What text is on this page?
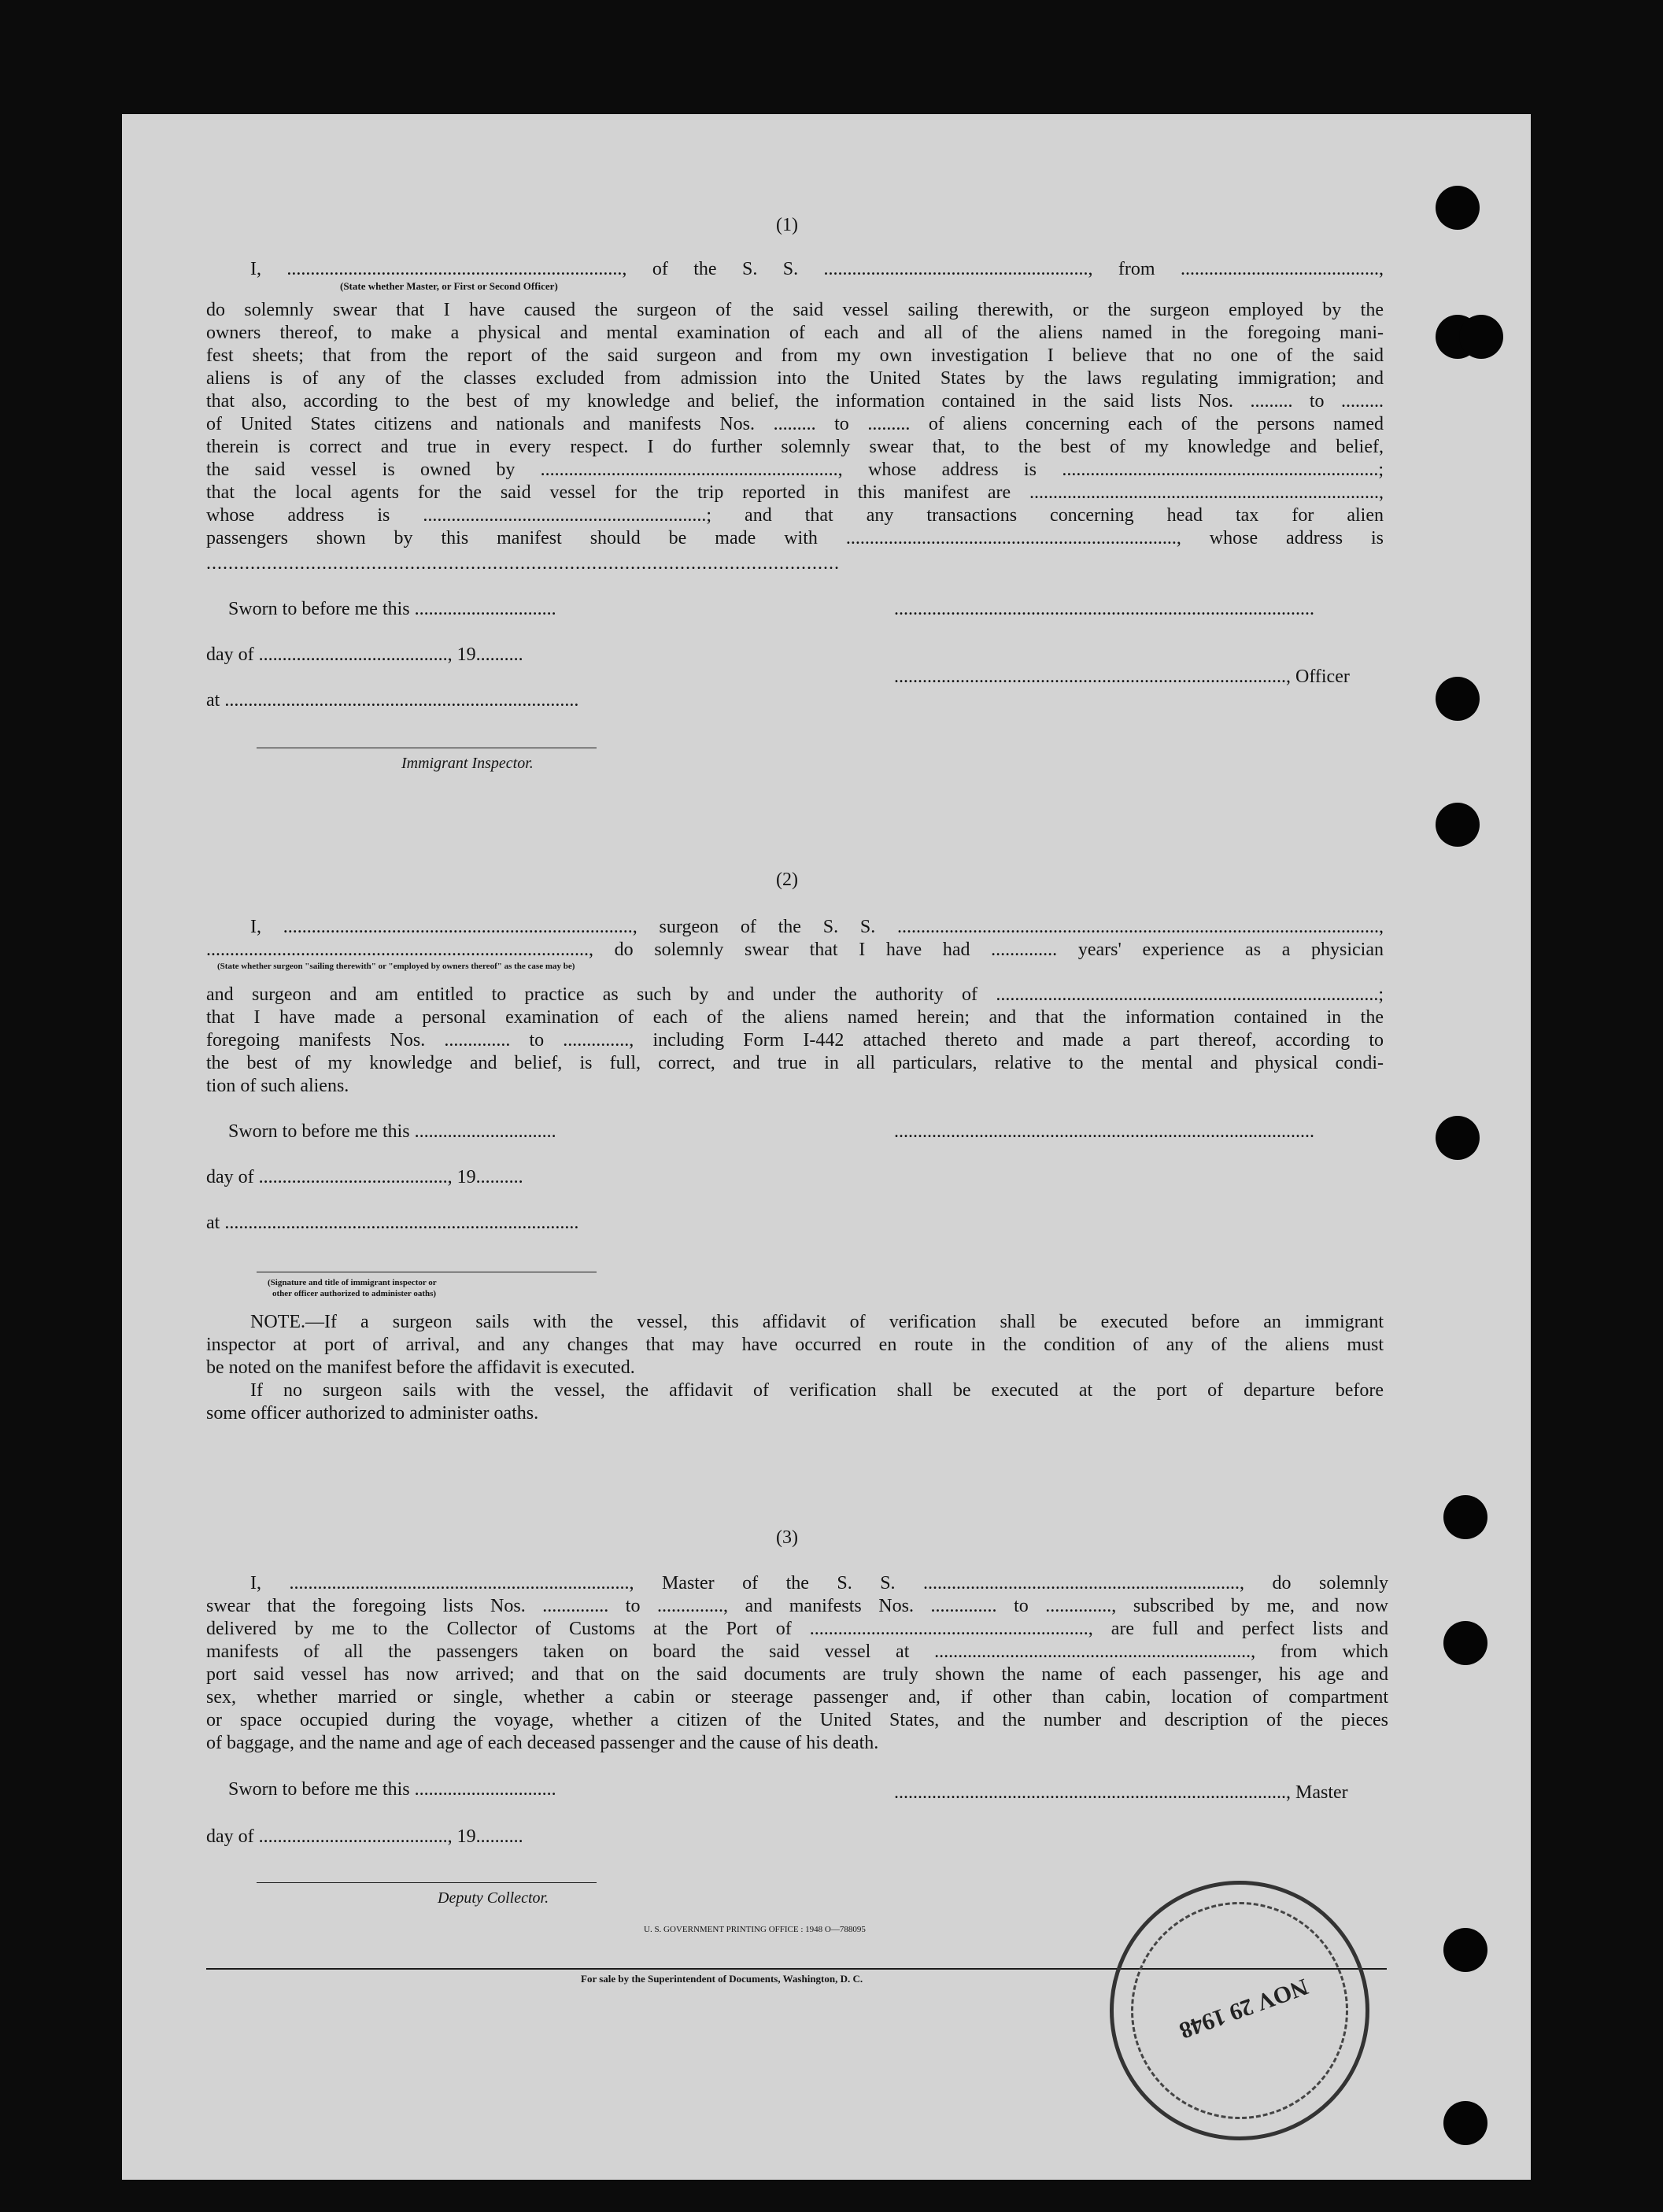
(1)
I, ......................................................................., of the S. S. ........................................................, from ..........................................,
(State whether Master, or First or Second Officer)
do solemnly swear that I have caused the surgeon of the said vessel sailing therewith, or the surgeon employed by the
owners thereof, to make a physical and mental examination of each and all of the aliens named in the foregoing mani-
fest sheets; that from the report of the said surgeon and from my own investigation I believe that no one of the said
aliens is of any of the classes excluded from admission into the United States by the laws regulating immigration; and
that also, according to the best of my knowledge and belief, the information contained in the said lists Nos. ......... to .........
of United States citizens and nationals and manifests Nos. ......... to ......... of aliens concerning each of the persons named
therein is correct and true in every respect. I do further solemnly swear that, to the best of my knowledge and belief,
the said vessel is owned by ..............................................................., whose address is ...................................................................;
that the local agents for the said vessel for the trip reported in this manifest are ..........................................................................,
whose address is ............................................................; and that any transactions concerning head tax for alien
passengers shown by this manifest should be made with ......................................................................, whose address is
...................................................................................................................
Sworn to before me this ..............................	.........................................................................................
day of ........................................, 19..........
..................................................................................., Officer
at ...........................................................................
Immigrant Inspector.
(2)
I, .........................................................................., surgeon of the S. S. ......................................................................................................,
................................................................................., do solemnly swear that I have had .............. years' experience as a physician
(State whether surgeon "sailing therewith" or "employed by owners thereof" as the case may be)
and surgeon and am entitled to practice as such by and under the authority of .................................................................................;
that I have made a personal examination of each of the aliens named herein; and that the information contained in the
foregoing manifests Nos. .............. to .............., including Form I-442 attached thereto and made a part thereof, according to
the best of my knowledge and belief, is full, correct, and true in all particulars, relative to the mental and physical condi-
tion of such aliens.
Sworn to before me this ..............................	.........................................................................................
day of ........................................, 19..........
at ...........................................................................
(Signature and title of immigrant inspector or
other officer authorized to administer oaths)
NOTE.—If a surgeon sails with the vessel, this affidavit of verification shall be executed before an immigrant
inspector at port of arrival, and any changes that may have occurred en route in the condition of any of the aliens must
be noted on the manifest before the affidavit is executed.
If no surgeon sails with the vessel, the affidavit of verification shall be executed at the port of departure before
some officer authorized to administer oaths.
(3)
I, ........................................................................, Master of the S. S. ..................................................................., do solemnly
swear that the foregoing lists Nos. .............. to .............., and manifests Nos. .............. to .............., subscribed by me, and now
delivered by me to the Collector of Customs at the Port of ..........................................................., are full and perfect lists and
manifests of all the passengers taken on board the said vessel at ..................................................................., from which
port said vessel has now arrived; and that on the said documents are truly shown the name of each passenger, his age and
sex, whether married or single, whether a cabin or steerage passenger and, if other than cabin, location of compartment
or space occupied during the voyage, whether a citizen of the United States, and the number and description of the pieces
of baggage, and the name and age of each deceased passenger and the cause of his death.
Sworn to before me this ..............................	..................................................................................., Master
day of ........................................, 19..........
Deputy Collector.
U. S. GOVERNMENT PRINTING OFFICE : 1948 O—788095
For sale by the Superintendent of Documents, Washington, D. C.	NOV 29 1948
